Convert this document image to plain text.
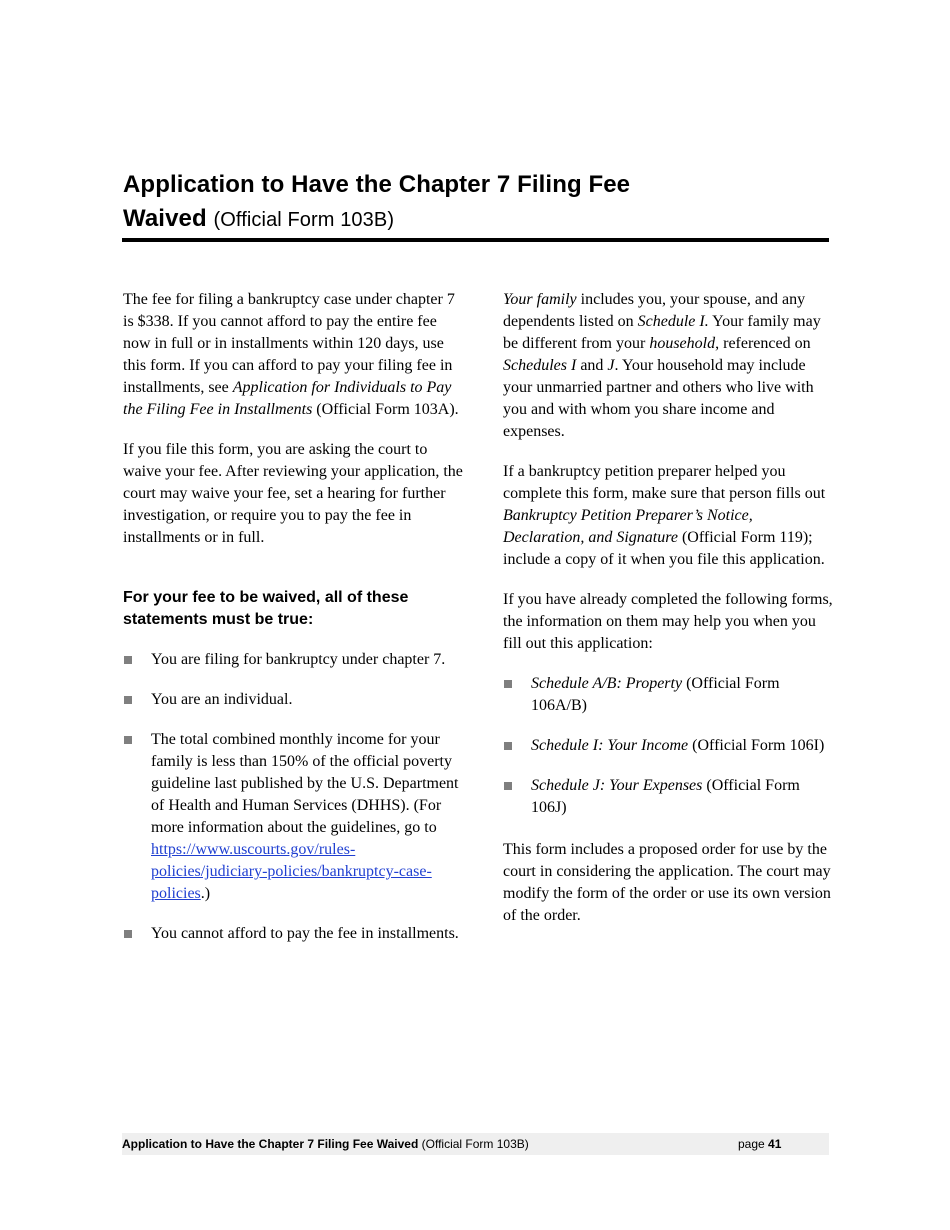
Application to Have the Chapter 7 Filing Fee
Waived (Official Form 103B)

The fee for filing a bankruptcy case under chapter 7 is $338. If you cannot afford to pay the entire fee now in full or in installments within 120 days, use this form. If you can afford to pay your filing fee in installments, see Application for Individuals to Pay the Filing Fee in Installments (Official Form 103A).

If you file this form, you are asking the court to waive your fee. After reviewing your application, the court may waive your fee, set a hearing for further investigation, or require you to pay the fee in installments or in full.

For your fee to be waived, all of these statements must be true:
You are filing for bankruptcy under chapter 7.
You are an individual.
The total combined monthly income for your family is less than 150% of the official poverty guideline last published by the U.S. Department of Health and Human Services (DHHS). (For more information about the guidelines, go to https://www.uscourts.gov/rules-
policies/judiciary-policies/bankruptcy-case-
policies.)
You cannot afford to pay the fee in installments.

Your family includes you, your spouse, and any dependents listed on Schedule I. Your family may be different from your household, referenced on Schedules I and J. Your household may include your unmarried partner and others who live with you and with whom you share income and expenses.

If a bankruptcy petition preparer helped you complete this form, make sure that person fills out Bankruptcy Petition Preparer’s Notice, Declaration, and Signature (Official Form 119); include a copy of it when you file this application.

If you have already completed the following forms, the information on them may help you when you fill out this application:

Schedule A/B: Property (Official Form 106A/B)
Schedule I: Your Income (Official Form 106I)
Schedule J: Your Expenses (Official Form 106J)

This form includes a proposed order for use by the court in considering the application. The court may modify the form of the order or use its own version of the order.

Application to Have the Chapter 7 Filing Fee Waived (Official Form 103B)	page 41
